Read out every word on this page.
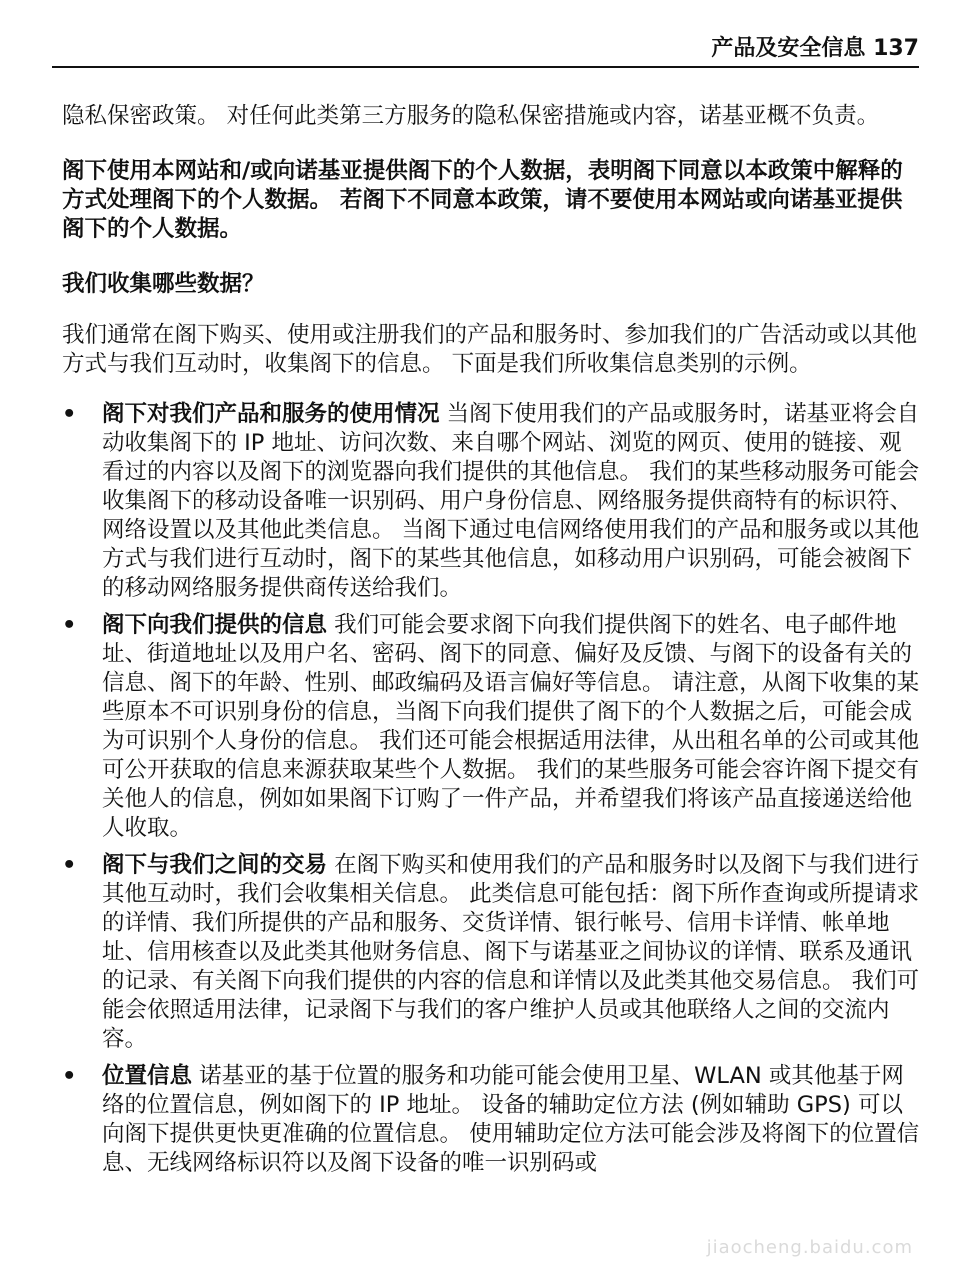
产品及安全信息 137

隐私保密政策。 对任何此类第三方服务的隐私保密措施或内容，诺基亚概不负责。

阁下使用本网站和/或向诺基亚提供阁下的个人数据，表明阁下同意以本政策中解释的方式处理阁下的个人数据。 若阁下不同意本政策，请不要使用本网站或向诺基亚提供阁下的个人数据。

我们收集哪些数据？

我们通常在阁下购买、使用或注册我们的产品和服务时、参加我们的广告活动或以其他方式与我们互动时，收集阁下的信息。 下面是我们所收集信息类别的示例。

•	阁下对我们产品和服务的使用情况 当阁下使用我们的产品或服务时，诺基亚将会自动收集阁下的 IP 地址、访问次数、来自哪个网站、浏览的网页、使用的链接、观看过的内容以及阁下的浏览器向我们提供的其他信息。 我们的某些移动服务可能会收集阁下的移动设备唯一识别码、用户身份信息、网络服务提供商特有的标识符、网络设置以及其他此类信息。 当阁下通过电信网络使用我们的产品和服务或以其他方式与我们进行互动时，阁下的某些其他信息，如移动用户识别码，可能会被阁下的移动网络服务提供商传送给我们。
•	阁下向我们提供的信息 我们可能会要求阁下向我们提供阁下的姓名、电子邮件地址、街道地址以及用户名、密码、阁下的同意、偏好及反馈、与阁下的设备有关的信息、阁下的年龄、性别、邮政编码及语言偏好等信息。 请注意，从阁下收集的某些原本不可识别身份的信息，当阁下向我们提供了阁下的个人数据之后，可能会成为可识别个人身份的信息。 我们还可能会根据适用法律，从出租名单的公司或其他可公开获取的信息来源获取某些个人数据。 我们的某些服务可能会容许阁下提交有关他人的信息，例如如果阁下订购了一件产品，并希望我们将该产品直接递送给他人收取。
•	阁下与我们之间的交易 在阁下购买和使用我们的产品和服务时以及阁下与我们进行其他互动时，我们会收集相关信息。 此类信息可能包括：阁下所作查询或所提请求的详情、我们所提供的产品和服务、交货详情、银行帐号、信用卡详情、帐单地址、信用核查以及此类其他财务信息、阁下与诺基亚之间协议的详情、联系及通讯的记录、有关阁下向我们提供的内容的信息和详情以及此类其他交易信息。 我们可能会依照适用法律，记录阁下与我们的客户维护人员或其他联络人之间的交流内容。
•	位置信息 诺基亚的基于位置的服务和功能可能会使用卫星、WLAN 或其他基于网络的位置信息，例如阁下的 IP 地址。 设备的辅助定位方法 (例如辅助 GPS) 可以向阁下提供更快更准确的位置信息。 使用辅助定位方法可能会涉及将阁下的位置信息、无线网络标识符以及阁下设备的唯一识别码或
jiaocheng.baidu.com
